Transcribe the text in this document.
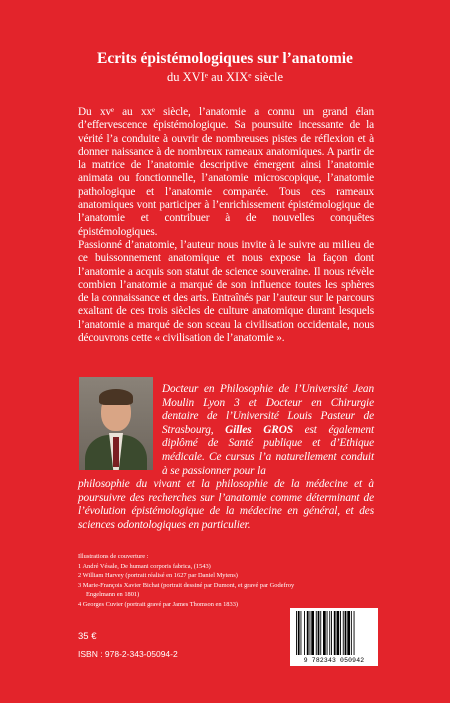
Ecrits épistémologiques sur l’anatomie
du XVIᵉ au XIXᵉ siècle

Du xvᵉ au xxᵉ siècle, l’anatomie a connu un grand élan d’effervescence épistémologique. Sa poursuite incessante de la vérité l’a conduite à ouvrir de nombreuses pistes de réflexion et à donner naissance à de nombreux rameaux anatomiques. A partir de la matrice de l’anatomie descriptive émergent ainsi l’anatomie animata ou fonctionnelle, l’anatomie microscopique, l’anatomie pathologique et l’anatomie comparée. Tous ces rameaux anatomiques vont participer à l’enrichissement épistémologique de l’anatomie et contribuer à de nouvelles conquêtes épistémologiques.

Passionné d’anatomie, l’auteur nous invite à le suivre au milieu de ce buissonnement anatomique et nous expose la façon dont l’anatomie a acquis son statut de science souveraine. Il nous révèle combien l’anatomie a marqué de son influence toutes les sphères de la connaissance et des arts. Entraînés par l’auteur sur le parcours exaltant de ces trois siècles de culture anatomique durant lesquels l’anatomie a marqué de son sceau la civilisation occidentale, nous découvrons cette « civilisation de l’anatomie ».

Docteur en Philosophie de l’Université Jean Moulin Lyon 3 et Docteur en Chirurgie dentaire de l’Université Louis Pasteur de Strasbourg, Gilles GROS est également diplômé de Santé publique et d’Ethique médicale. Ce cursus l’a naturellement conduit à se passionner pour la
philosophie du vivant et la philosophie de la médecine et à poursuivre des recherches sur l’anatomie comme déterminant de l’évolution épistémologique de la médecine en général, et des sciences odontologiques en particulier.
Illustrations de couverture :
1 André Vésale, De humani corporis fabrica, (1543)
2 William Harvey (portrait réalisé en 1627 par Daniel Mytens)
3 Marie-François Xavier Bichat (portrait dessiné par Dumont, et gravé par Godefroy
Engelmann en 1801)
4 Georges Cuvier (portrait gravé par James Thomson en 1833)
35 €
ISBN : 978-2-343-05094-2
9 782343 050942
